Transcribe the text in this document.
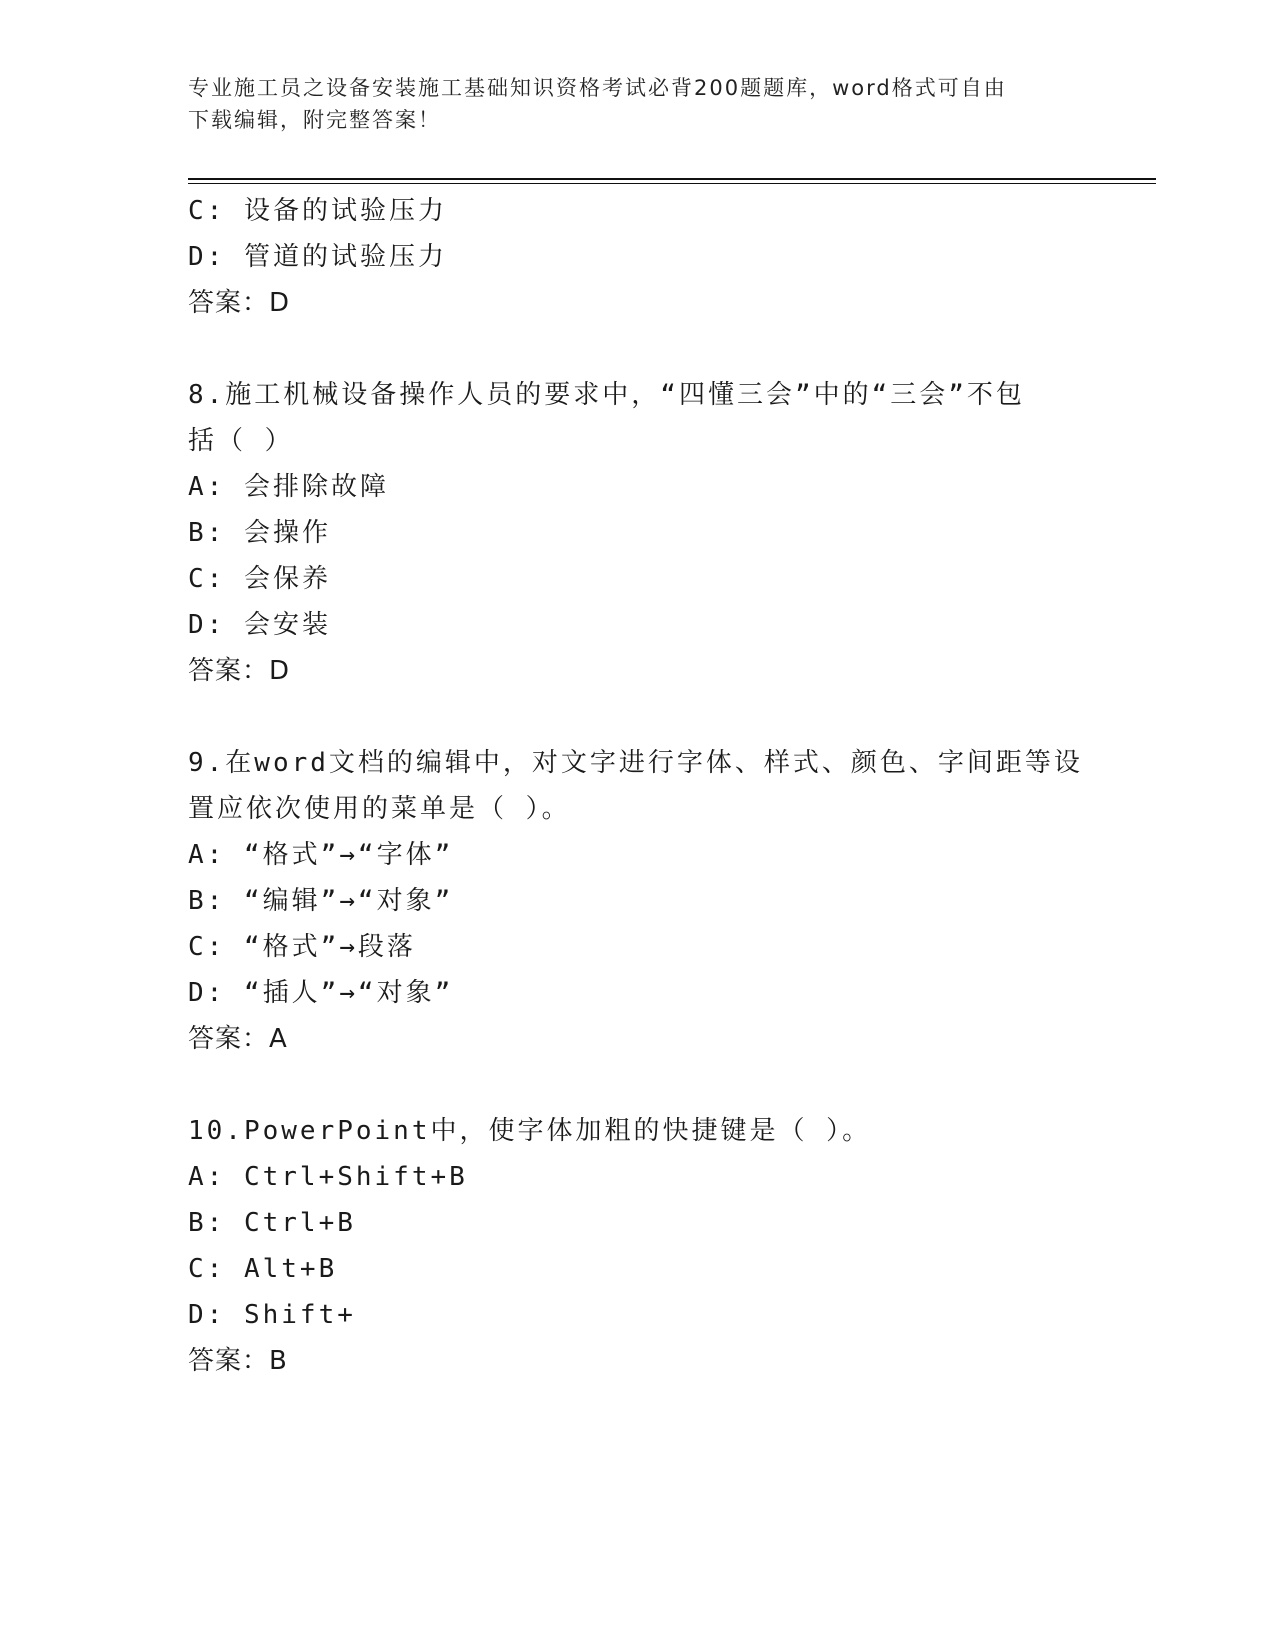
专业施工员之设备安装施工基础知识资格考试必背200题题库，word格式可自由
下载编辑，附完整答案！
C: 设备的试验压力
D: 管道的试验压力
答案：D
8.施工机械设备操作人员的要求中，“四懂三会”中的“三会”不包
括（ ）
A: 会排除故障
B: 会操作
C: 会保养
D: 会安装
答案：D
9.在word文档的编辑中，对文字进行字体、样式、颜色、字间距等设
置应依次使用的菜单是（ ）。
A: “格式”→“字体”
B: “编辑”→“对象”
C: “格式”→段落
D: “插人”→“对象”
答案：A
10.PowerPoint中，使字体加粗的快捷键是（ ）。
A: Ctrl+Shift+B
B: Ctrl+B
C: Alt+B
D: Shift+
答案：B
